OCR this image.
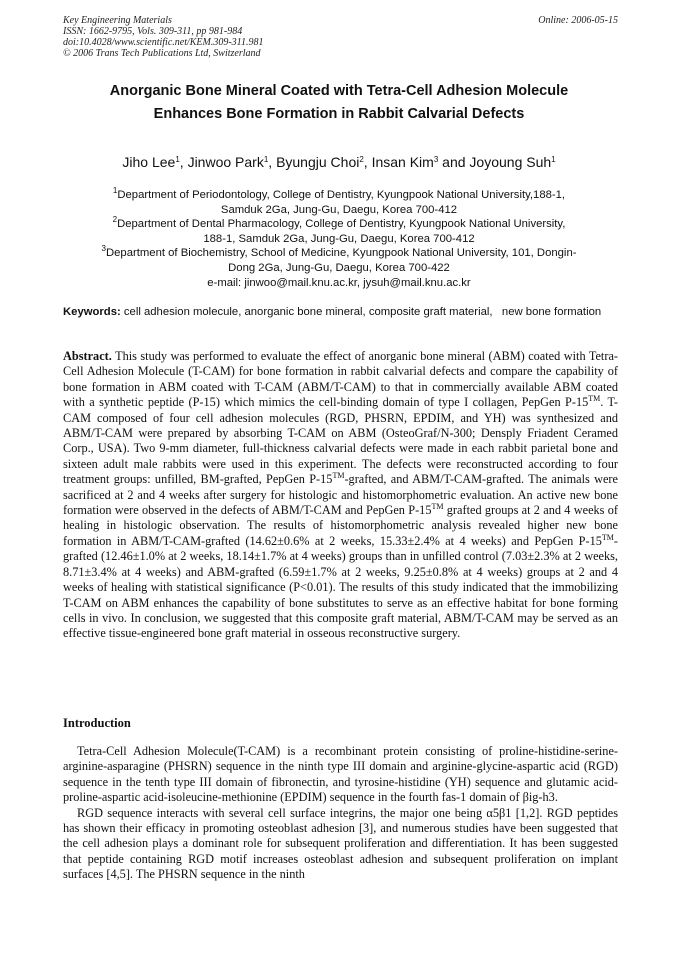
Key Engineering Materials
ISSN: 1662-9795, Vols. 309-311, pp 981-984
doi:10.4028/www.scientific.net/KEM.309-311.981
© 2006 Trans Tech Publications Ltd, Switzerland
Online: 2006-05-15
Anorganic Bone Mineral Coated with Tetra-Cell Adhesion Molecule
Enhances Bone Formation in Rabbit Calvarial Defects
Jiho Lee$^1$, Jinwoo Park$^1$, Byungju Choi$^2$, Insan Kim$^3$ and Joyoung Suh$^1$
$^1$Department of Periodontology, College of Dentistry, Kyungpook National University,188-1,
Samduk 2Ga, Jung-Gu, Daegu, Korea 700-412
$^2$Department of Dental Pharmacology, College of Dentistry, Kyungpook National University,
188-1, Samduk 2Ga, Jung-Gu, Daegu, Korea 700-412
$^3$Department of Biochemistry, School of Medicine, Kyungpook National University, 101, Dongin-
Dong 2Ga, Jung-Gu, Daegu, Korea 700-422
e-mail: jinwoo@mail.knu.ac.kr, jysuh@mail.knu.ac.kr
Keywords: cell adhesion molecule, anorganic bone mineral, composite graft material,   new bone formation
Abstract. This study was performed to evaluate the effect of anorganic bone mineral (ABM) coated with Tetra-Cell Adhesion Molecule (T-CAM) for bone formation in rabbit calvarial defects and compare the capability of bone formation in ABM coated with T-CAM (ABM/T-CAM) to that in commercially available ABM coated with a synthetic peptide (P-15) which mimics the cell-binding domain of type I collagen, PepGen P-15™. T-CAM composed of four cell adhesion molecules (RGD, PHSRN, EPDIM, and YH) was synthesized and ABM/T-CAM were prepared by absorbing T-CAM on ABM (OsteoGraf/N-300; Densply Friadent Ceramed Corp., USA). Two 9-mm diameter, full-thickness calvarial defects were made in each rabbit parietal bone and sixteen adult male rabbits were used in this experiment. The defects were reconstructed according to four treatment groups: unfilled, BM-grafted, PepGen P-15™-grafted, and ABM/T-CAM-grafted. The animals were sacrificed at 2 and 4 weeks after surgery for histologic and histomorphometric evaluation. An active new bone formation were observed in the defects of ABM/T-CAM and PepGen P-15™ grafted groups at 2 and 4 weeks of healing in histologic observation. The results of histomorphometric analysis revealed higher new bone formation in ABM/T-CAM-grafted (14.62±0.6% at 2 weeks, 15.33±2.4% at 4 weeks) and PepGen P-15™-grafted (12.46±1.0% at 2 weeks, 18.14±1.7% at 4 weeks) groups than in unfilled control (7.03±2.3% at 2 weeks, 8.71±3.4% at 4 weeks) and ABM-grafted (6.59±1.7% at 2 weeks, 9.25±0.8% at 4 weeks) groups at 2 and 4 weeks of healing with statistical significance (P<0.01). The results of this study indicated that the immobilizing T-CAM on ABM enhances the capability of bone substitutes to serve as an effective habitat for bone forming cells in vivo. In conclusion, we suggested that this composite graft material, ABM/T-CAM may be served as an effective tissue-engineered bone graft material in osseous reconstructive surgery.
Introduction

Tetra-Cell Adhesion Molecule(T-CAM) is a recombinant protein consisting of proline-histidine-serine-arginine-asparagine (PHSRN) sequence in the ninth type III domain and arginine-glycine-aspartic acid (RGD) sequence in the tenth type III domain of fibronectin, and tyrosine-histidine (YH) sequence and glutamic acid-proline-aspartic acid-isoleucine-methionine (EPDIM) sequence in the fourth fas-1 domain of βig-h3.

RGD sequence interacts with several cell surface integrins, the major one being α5β1 [1,2]. RGD peptides has shown their efficacy in promoting osteoblast adhesion [3], and numerous studies have been suggested that the cell adhesion plays a dominant role for subsequent proliferation and differentiation. It has been suggested that peptide containing RGD motif increases osteoblast adhesion and subsequent proliferation on implant surfaces [4,5]. The PHSRN sequence in the ninth
